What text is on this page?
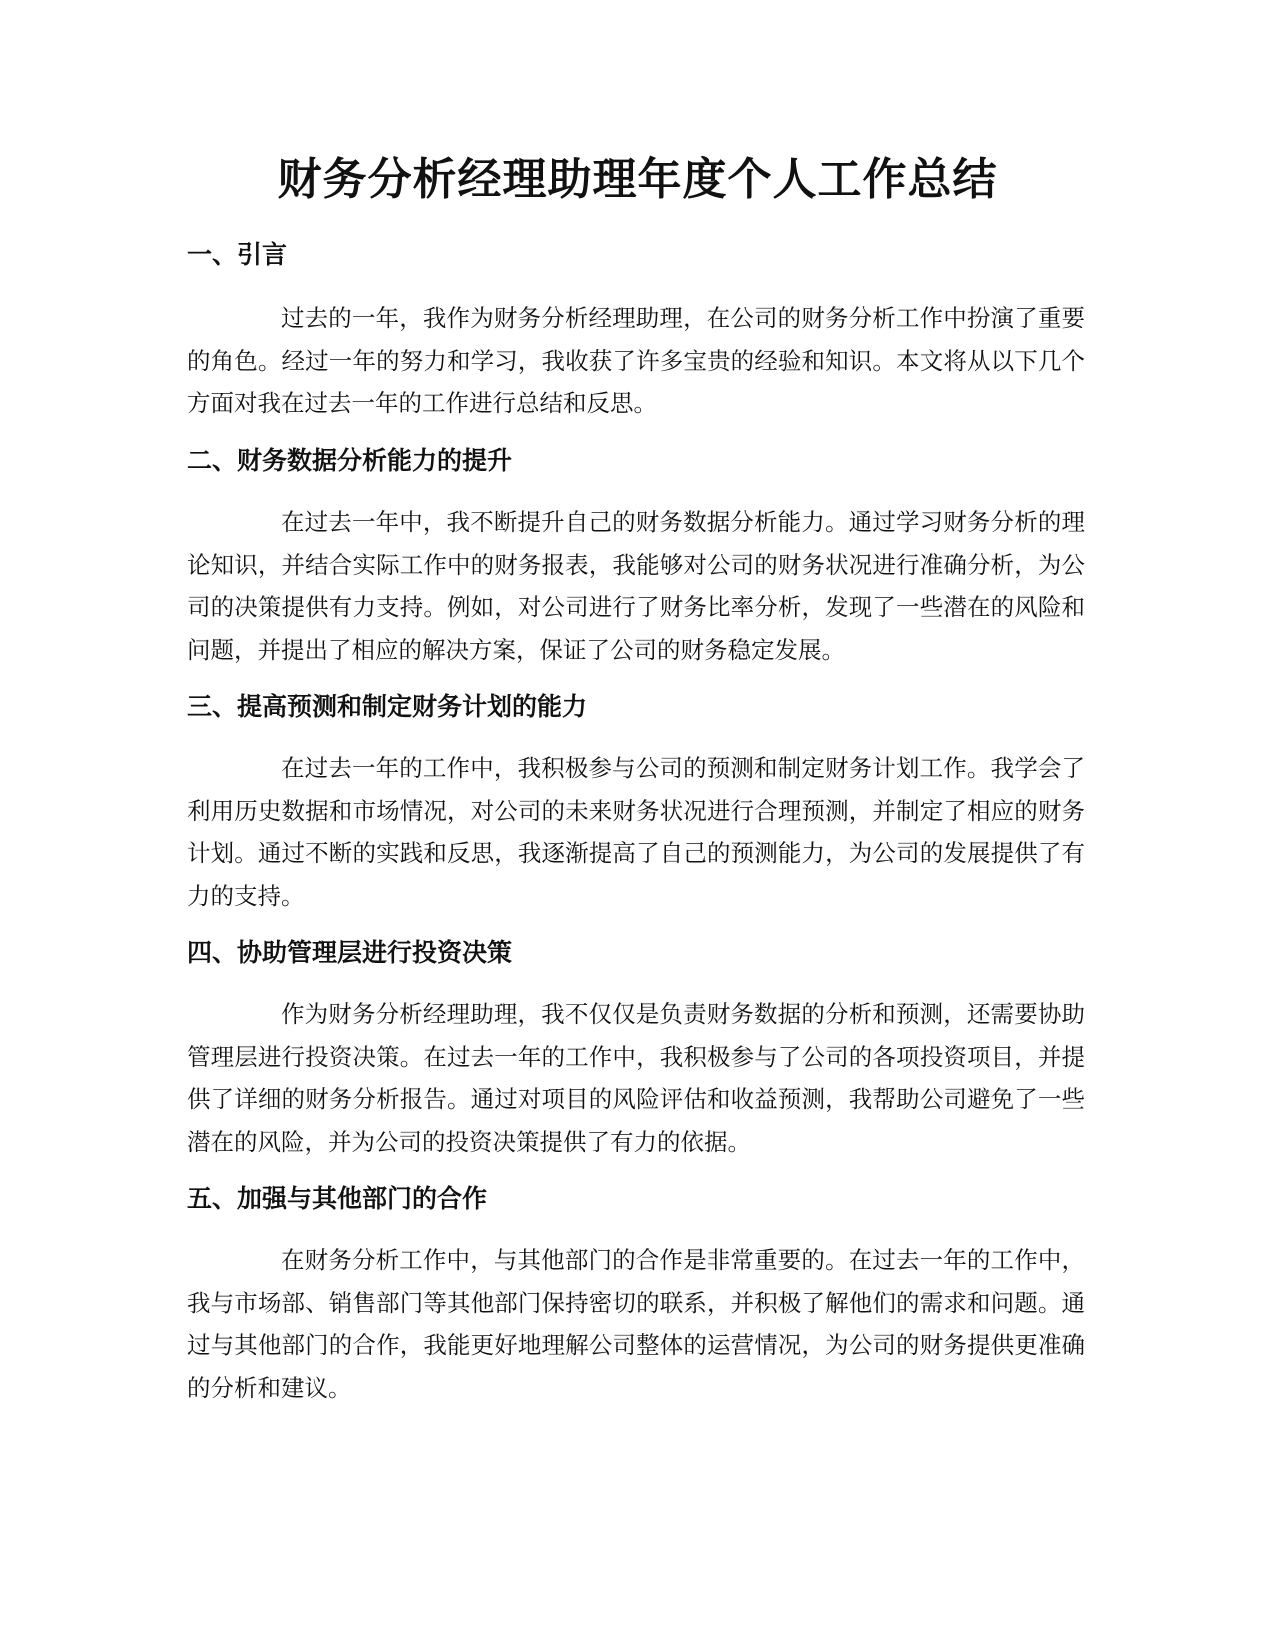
财务分析经理助理年度个人工作总结
一、引言

过去的一年，我作为财务分析经理助理，在公司的财务分析工作中扮演了重要的角色。经过一年的努力和学习，我收获了许多宝贵的经验和知识。本文将从以下几个方面对我在过去一年的工作进行总结和反思。

二、财务数据分析能力的提升

在过去一年中，我不断提升自己的财务数据分析能力。通过学习财务分析的理论知识，并结合实际工作中的财务报表，我能够对公司的财务状况进行准确分析，为公司的决策提供有力支持。例如，对公司进行了财务比率分析，发现了一些潜在的风险和问题，并提出了相应的解决方案，保证了公司的财务稳定发展。

三、提高预测和制定财务计划的能力

在过去一年的工作中，我积极参与公司的预测和制定财务计划工作。我学会了利用历史数据和市场情况，对公司的未来财务状况进行合理预测，并制定了相应的财务计划。通过不断的实践和反思，我逐渐提高了自己的预测能力，为公司的发展提供了有力的支持。

四、协助管理层进行投资决策

作为财务分析经理助理，我不仅仅是负责财务数据的分析和预测，还需要协助管理层进行投资决策。在过去一年的工作中，我积极参与了公司的各项投资项目，并提供了详细的财务分析报告。通过对项目的风险评估和收益预测，我帮助公司避免了一些潜在的风险，并为公司的投资决策提供了有力的依据。

五、加强与其他部门的合作

在财务分析工作中，与其他部门的合作是非常重要的。在过去一年的工作中，我与市场部、销售部门等其他部门保持密切的联系，并积极了解他们的需求和问题。通过与其他部门的合作，我能更好地理解公司整体的运营情况，为公司的财务提供更准确的分析和建议。
